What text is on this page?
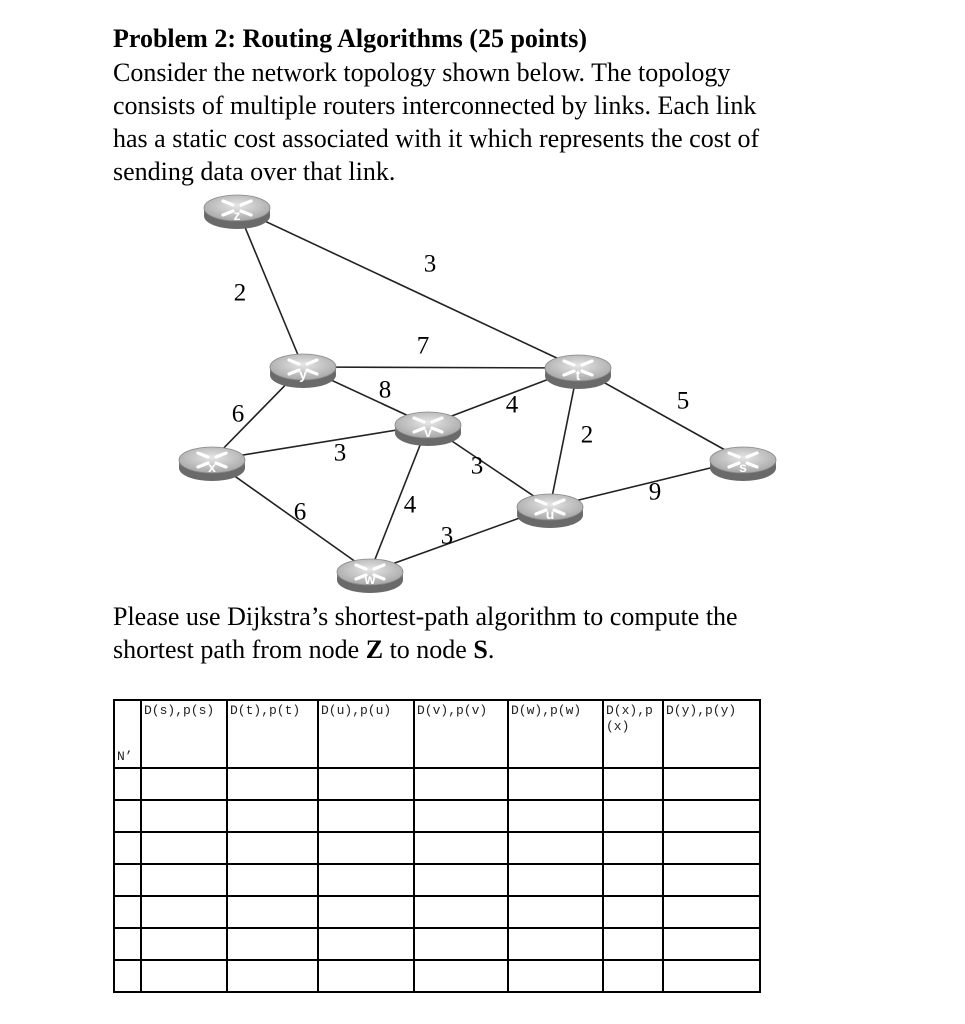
Problem 2: Routing Algorithms (25 points)
Consider the network topology shown below. The topology
consists of multiple routers interconnected by links. Each link
has a static cost associated with it which represents the cost of
sending data over that link.
z
y	t
v
x	s
u
w
2
3
7
8
6	4	5
2
3	3
6	4
3
9
Please use Dijkstra’s shortest-path algorithm to compute the
shortest path from node Z to node S.
N’	D(s),p(s)	D(t),p(t)	D(u),p(u)	D(v),p(v)	D(w),p(w)	D(x),p(x)	D(y),p(y)
